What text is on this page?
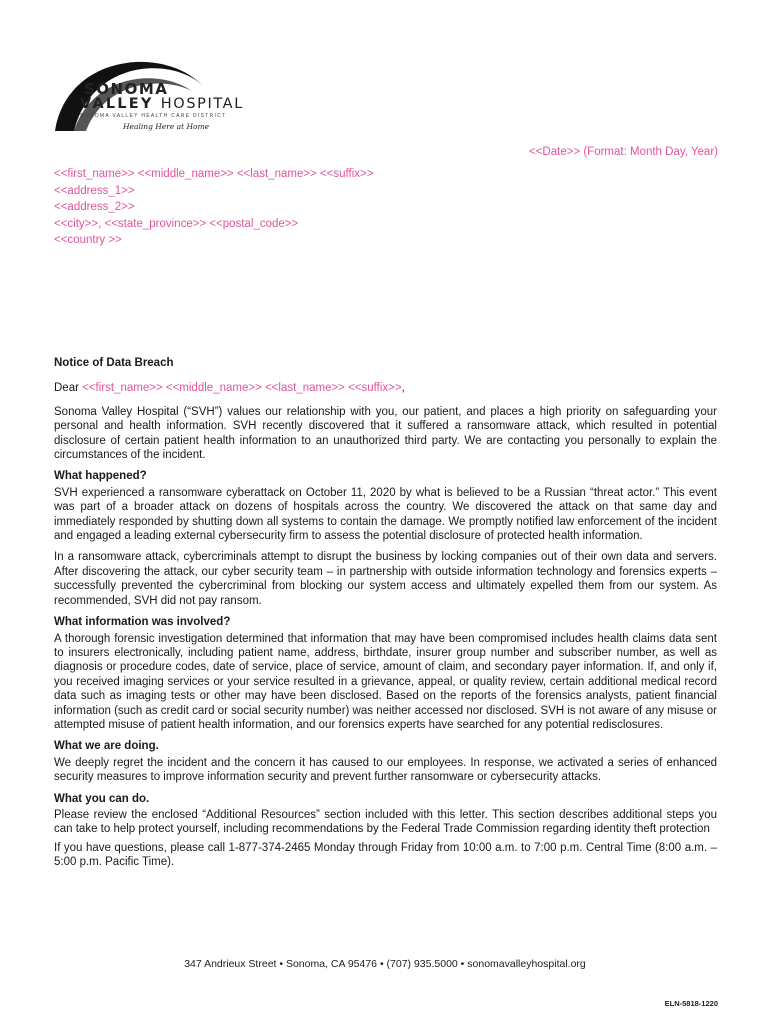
SONOMA
VALLEY HOSPITAL
SONOMA VALLEY HEALTH CARE DISTRICT
Healing Here at Home
<<Date>> (Format: Month Day, Year)
<<first_name>> <<middle_name>> <<last_name>> <<suffix>>
<<address_1>>
<<address_2>>
<<city>>, <<state_province>> <<postal_code>>
<<country >>
Notice of Data Breach

Dear <<first_name>> <<middle_name>> <<last_name>> <<suffix>>,

Sonoma Valley Hospital (“SVH”) values our relationship with you, our patient, and places a high priority on safeguarding your personal and health information. SVH recently discovered that it suffered a ransomware attack, which resulted in potential disclosure of certain patient health information to an unauthorized third party. We are contacting you personally to explain the circumstances of the incident.

What happened?

SVH experienced a ransomware cyberattack on October 11, 2020 by what is believed to be a Russian “threat actor.” This event was part of a broader attack on dozens of hospitals across the country. We discovered the attack on that same day and immediately responded by shutting down all systems to contain the damage. We promptly notified law enforcement of the incident and engaged a leading external cybersecurity firm to assess the potential disclosure of protected health information.

In a ransomware attack, cybercriminals attempt to disrupt the business by locking companies out of their own data and servers. After discovering the attack, our cyber security team – in partnership with outside information technology and forensics experts – successfully prevented the cybercriminal from blocking our system access and ultimately expelled them from our system. As recommended, SVH did not pay ransom.

What information was involved?

A thorough forensic investigation determined that information that may have been compromised includes health claims data sent to insurers electronically, including patient name, address, birthdate, insurer group number and subscriber number, as well as diagnosis or procedure codes, date of service, place of service, amount of claim, and secondary payer information. If, and only if, you received imaging services or your service resulted in a grievance, appeal, or quality review, certain additional medical record data such as imaging tests or other may have been disclosed. Based on the reports of the forensics analysts, patient financial information (such as credit card or social security number) was neither accessed nor disclosed. SVH is not aware of any misuse or attempted misuse of patient health information, and our forensics experts have searched for any potential redisclosures.

What we are doing.

We deeply regret the incident and the concern it has caused to our employees. In response, we activated a series of enhanced security measures to improve information security and prevent further ransomware or cybersecurity attacks.

What you can do.

Please review the enclosed “Additional Resources” section included with this letter. This section describes additional steps you can take to help protect yourself, including recommendations by the Federal Trade Commission regarding identity theft protection

If you have questions, please call 1-877-374-2465 Monday through Friday from 10:00 a.m. to 7:00 p.m. Central Time (8:00 a.m. – 5:00 p.m. Pacific Time).

347 Andrieux Street • Sonoma, CA 95476 • (707) 935.5000 • sonomavalleyhospital.org
ELN-5818-1220
